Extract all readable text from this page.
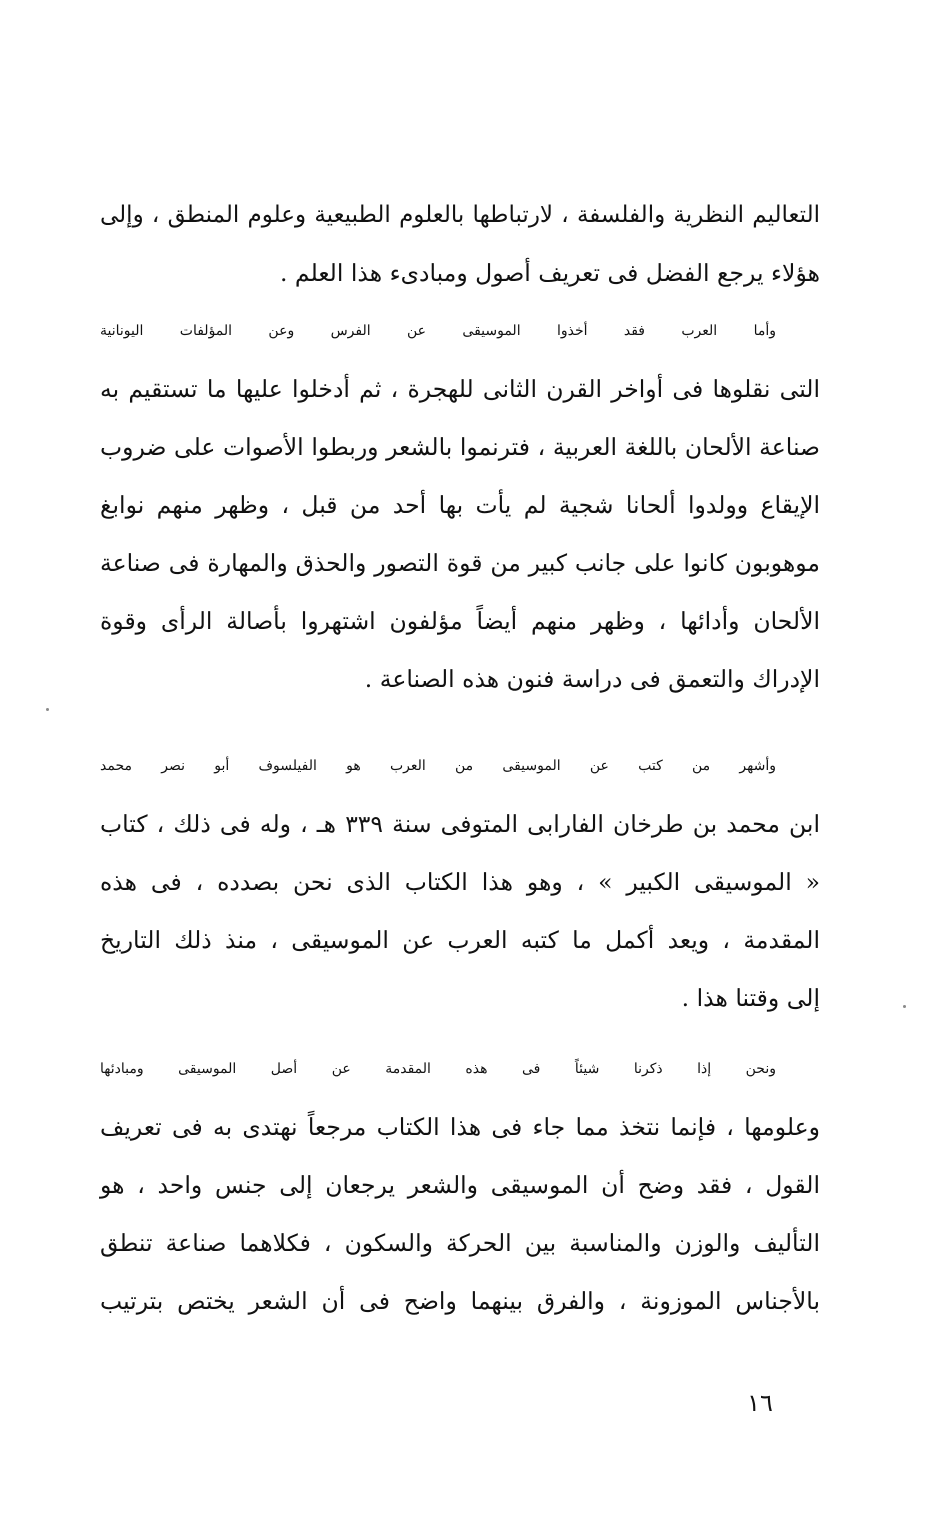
التعاليم النظرية والفلسفة ، لارتباطها بالعلوم الطبيعية وعلوم المنطق ، وإلى
هؤلاء يرجع الفضل فى تعريف أصول ومبادىء هذا العلم .
وأما العرب فقد أخذوا الموسيقى عن الفرس وعن المؤلفات اليونانية
التى نقلوها فى أواخر القرن الثانى للهجرة ، ثم أدخلوا عليها ما تستقيم به
صناعة الألحان باللغة العربية ، فترنموا بالشعر وربطوا الأصوات على ضروب
الإيقاع وولدوا ألحانا شجية لم يأت بها أحد من قبل ، وظهر منهم نوابغ
موهوبون كانوا على جانب كبير من قوة التصور والحذق والمهارة فى صناعة
الألحان وأدائها ، وظهر منهم أيضاً مؤلفون اشتهروا بأصالة الرأى وقوة
الإدراك والتعمق فى دراسة فنون هذه الصناعة .
وأشهر من كتب عن الموسيقى من العرب هو الفيلسوف أبو نصر محمد
ابن محمد بن طرخان الفارابى المتوفى سنة ٣٣٩ هـ ، وله فى ذلك ، كتاب
« الموسيقى الكبير » ، وهو هذا الكتاب الذى نحن بصدده ، فى هذه
المقدمة ، ويعد أكمل ما كتبه العرب عن الموسيقى ، منذ ذلك التاريخ
إلى وقتنا هذا .
ونحن إذا ذكرنا شيئاً فى هذه المقدمة عن أصل الموسيقى ومبادئها
وعلومها ، فإنما نتخذ مما جاء فى هذا الكتاب مرجعاً نهتدى به فى تعريف
القول ، فقد وضح أن الموسيقى والشعر يرجعان إلى جنس واحد ، هو
التأليف والوزن والمناسبة بين الحركة والسكون ، فكلاهما صناعة تنطق
بالأجناس الموزونة ، والفرق بينهما واضح فى أن الشعر يختص بترتيب
١٦
